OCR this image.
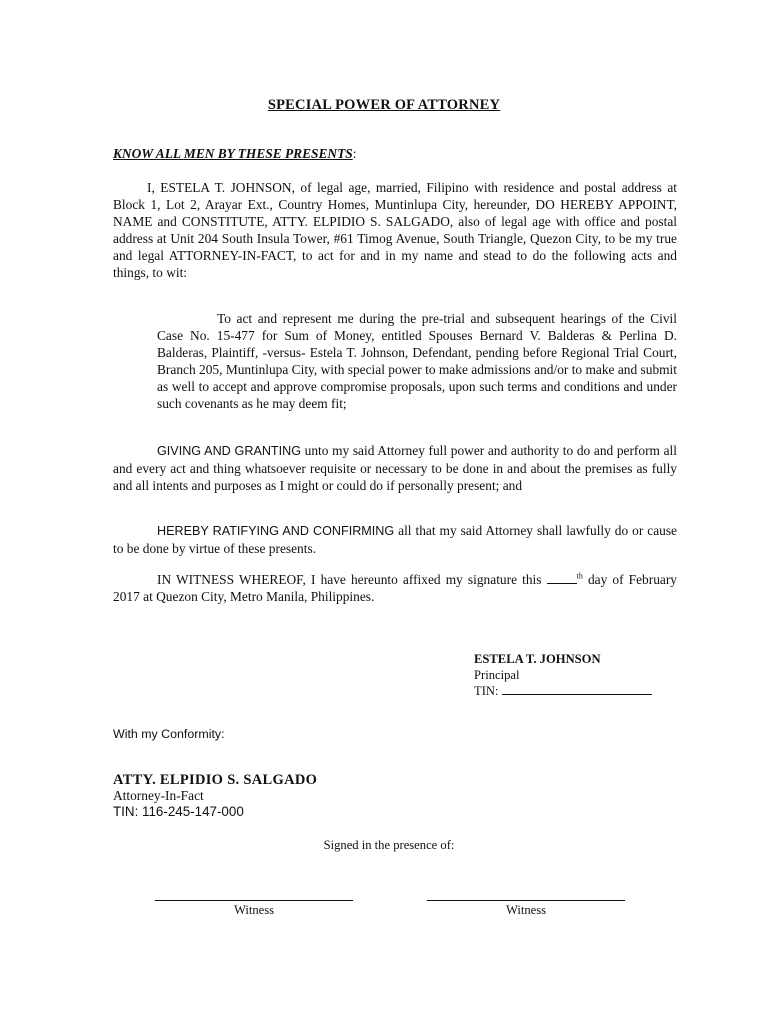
SPECIAL POWER OF ATTORNEY
KNOW ALL MEN BY THESE PRESENTS:
I, ESTELA T. JOHNSON, of legal age, married, Filipino with residence and postal address at Block 1, Lot 2, Arayar Ext., Country Homes, Muntinlupa City, hereunder, DO HEREBY APPOINT, NAME and CONSTITUTE, ATTY. ELPIDIO S. SALGADO, also of legal age with office and postal address at Unit 204 South Insula Tower, #61 Timog Avenue, South Triangle, Quezon City, to be my true and legal ATTORNEY-IN-FACT, to act for and in my name and stead to do the following acts and things, to wit:
To act and represent me during the pre-trial and subsequent hearings of the Civil Case No. 15-477 for Sum of Money, entitled Spouses Bernard V. Balderas & Perlina D. Balderas, Plaintiff, -versus- Estela T. Johnson, Defendant, pending before Regional Trial Court, Branch 205, Muntinlupa City, with special power to make admissions and/or to make and submit as well to accept and approve compromise proposals, upon such terms and conditions and under such covenants as he may deem fit;
GIVING AND GRANTING unto my said Attorney full power and authority to do and perform all and every act and thing whatsoever requisite or necessary to be done in and about the premises as fully and all intents and purposes as I might or could do if personally present; and
HEREBY RATIFYING AND CONFIRMING all that my said Attorney shall lawfully do or cause to be done by virtue of these presents.
IN WITNESS WHEREOF, I have hereunto affixed my signature this	$^{th}$ day of February 2017 at Quezon City, Metro Manila, Philippines.
ESTELA T. JOHNSON
Principal
TIN:
With my Conformity:
ATTY. ELPIDIO S. SALGADO
Attorney-In-Fact
TIN: 116-245-147-000
Signed in the presence of:
Witness	Witness
